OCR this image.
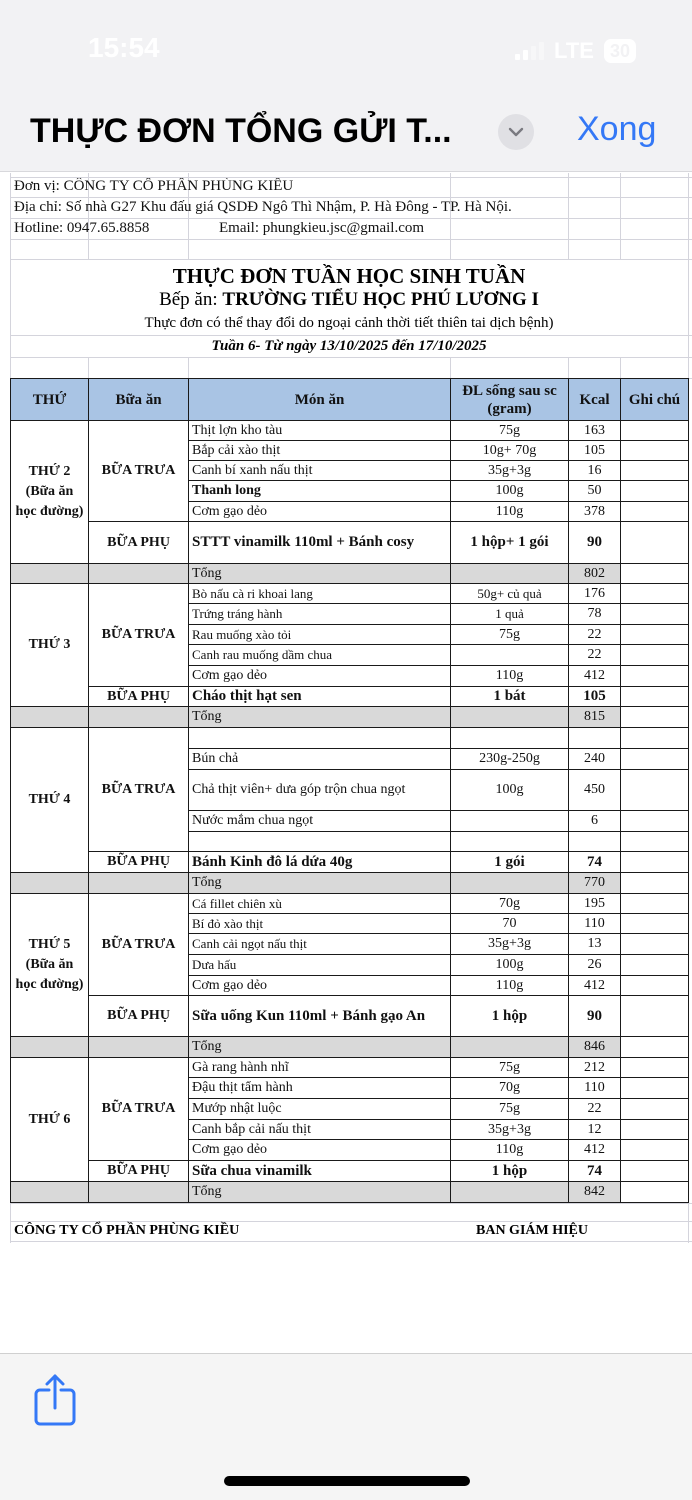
15:54	LTE 30
THỰC ĐƠN TỔNG GỬI T...	Xong
Đơn vị: CÔNG TY CỔ PHẦN PHÙNG KIỀU
Địa chỉ: Số nhà G27 Khu đấu giá QSDĐ Ngô Thì Nhậm, P. Hà Đông - TP. Hà Nội.
Hotline: 0947.65.8858	Email: phungkieu.jsc@gmail.com
THỰC ĐƠN TUẦN HỌC SINH TUẦN
Bếp ăn: TRƯỜNG TIỂU HỌC PHÚ LƯƠNG I
Thực đơn có thể thay đổi do ngoại cảnh thời tiết thiên tai dịch bệnh)
Tuần 6- Từ ngày 13/10/2025 đến 17/10/2025
THỨ	Bữa ăn	Món ăn	ĐL sống sau sc
(gram)	Kcal	Ghi chú
THỨ 2 (Bữa ăn học đường)	BỮA TRƯA	Thịt lợn kho tàu	75g	163	
		Bắp cải xào thịt	10g+ 70g	105	
		Canh bí xanh nấu thịt	35g+3g	16	
		Thanh long	100g	50	
		Cơm gạo dẻo	110g	378	
	BỮA PHỤ	STTT vinamilk 110ml + Bánh cosy	1 hộp+ 1 gói	90	
		Tổng		802	
THỨ 3	BỮA TRƯA	Bò nấu cà ri khoai lang	50g+ củ quả	176	
		Trứng tráng hành	1 quả	78	
		Rau muống xào tỏi	75g	22	
		Canh rau muống dầm chua		22	
		Cơm gạo dẻo	110g	412	
	BỮA PHỤ	Cháo thịt hạt sen	1 bát	105	
		Tổng		815	
THỨ 4	BỮA TRƯA				
		Bún chả	230g-250g	240	
		Chả thịt viên+ dưa góp trộn chua ngọt	100g	450	
		Nước mắm chua ngọt		6	

	BỮA PHỤ	Bánh Kinh đô lá dứa 40g	1 gói	74	
		Tổng		770	
THỨ 5 (Bữa ăn học đường)	BỮA TRƯA	Cá fillet chiên xù	70g	195	
		Bí đỏ xào thịt	70	110	
		Canh cải ngọt nấu thịt	35g+3g	13	
		Dưa hấu	100g	26	
		Cơm gạo dẻo	110g	412	
	BỮA PHỤ	Sữa uống Kun 110ml + Bánh gạo An	1 hộp	90	
		Tổng		846	
THỨ 6	BỮA TRƯA	Gà rang hành nhĩ	75g	212	
		Đậu thịt tẩm hành	70g	110	
		Mướp nhật luộc	75g	22	
		Canh bắp cải nấu thịt	35g+3g	12	
		Cơm gạo dẻo	110g	412	
	BỮA PHỤ	Sữa chua vinamilk	1 hộp	74	
		Tổng		842	
CÔNG TY CỔ PHẦN PHÙNG KIỀU	BAN GIÁM HIỆU
